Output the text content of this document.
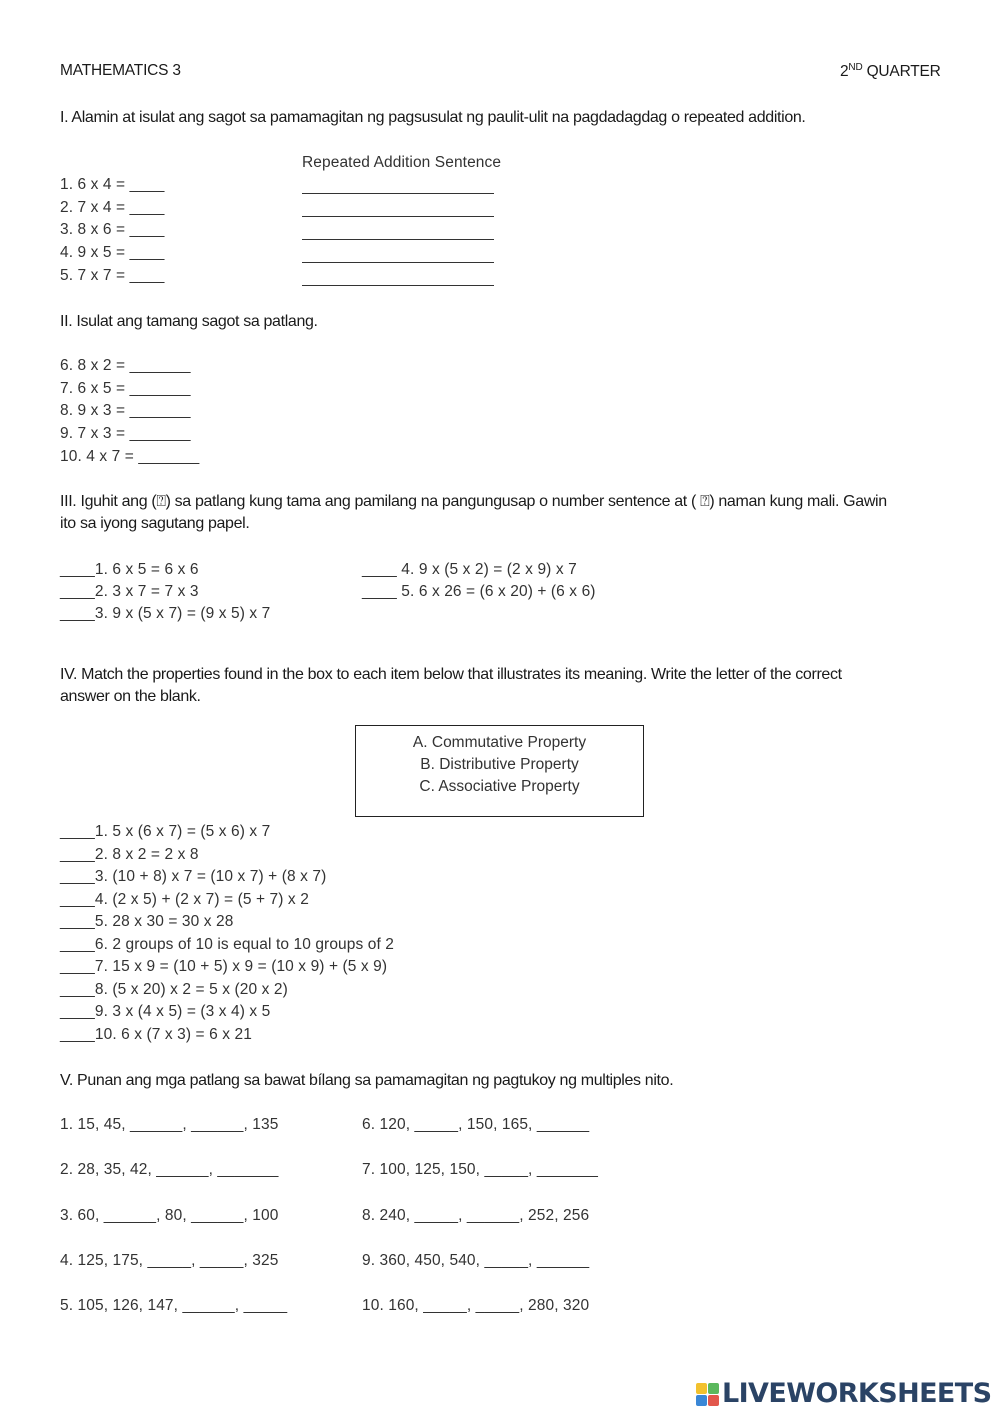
MATHEMATICS 3	2ND QUARTER
I. Alamin at isulat ang sagot sa pamamagitan ng pagsusulat ng paulit-ulit na pagdadagdag o repeated addition.
Repeated Addition Sentence
1. 6 x 4 = ____
2. 7 x 4 = ____
3. 8 x 6 = ____
4. 9 x 5 = ____
5. 7 x 7 = ____
II. Isulat ang tamang sagot sa patlang.
6. 8 x 2 = _______
7. 6 x 5 = _______
8. 9 x 3 = _______
9. 7 x 3 = _______
10. 4 x 7 = _______
III. Iguhit ang (⍰) sa patlang kung tama ang pamilang na pangungusap o number sentence at ( ⍰) naman kung mali. Gawin
ito sa iyong sagutang papel.
____1. 6 x 5 = 6 x 6
____2. 3 x 7 = 7 x 3
____3. 9 x (5 x 7) = (9 x 5) x 7
____ 4. 9 x (5 x 2) = (2 x 9) x 7
____ 5. 6 x 26 = (6 x 20) + (6 x 6)
IV. Match the properties found in the box to each item below that illustrates its meaning. Write the letter of the correct
answer on the blank.
A. Commutative Property
B. Distributive Property
C. Associative Property
____1. 5 x (6 x 7) = (5 x 6) x 7
____2. 8 x 2 = 2 x 8
____3. (10 + 8) x 7 = (10 x 7) + (8 x 7)
____4. (2 x 5) + (2 x 7) = (5 + 7) x 2
____5. 28 x 30 = 30 x 28
____6. 2 groups of 10 is equal to 10 groups of 2
____7. 15 x 9 = (10 + 5) x 9 = (10 x 9) + (5 x 9)
____8. (5 x 20) x 2 = 5 x (20 x 2)
____9. 3 x (4 x 5) = (3 x 4) x 5
____10. 6 x (7 x 3) = 6 x 21
V. Punan ang mga patlang sa bawat bílang sa pamamagitan ng pagtukoy ng multiples nito.
1. 15, 45, ______, ______, 135
2. 28, 35, 42, ______, _______
3. 60, ______, 80, ______, 100
4. 125, 175, _____, _____, 325
5. 105, 126, 147, ______, _____
6. 120, _____, 150, 165, ______
7. 100, 125, 150, _____, _______
8. 240, _____, ______, 252, 256
9. 360, 450, 540, _____, ______
10. 160, _____, _____, 280, 320
LIVEWORKSHEETS
